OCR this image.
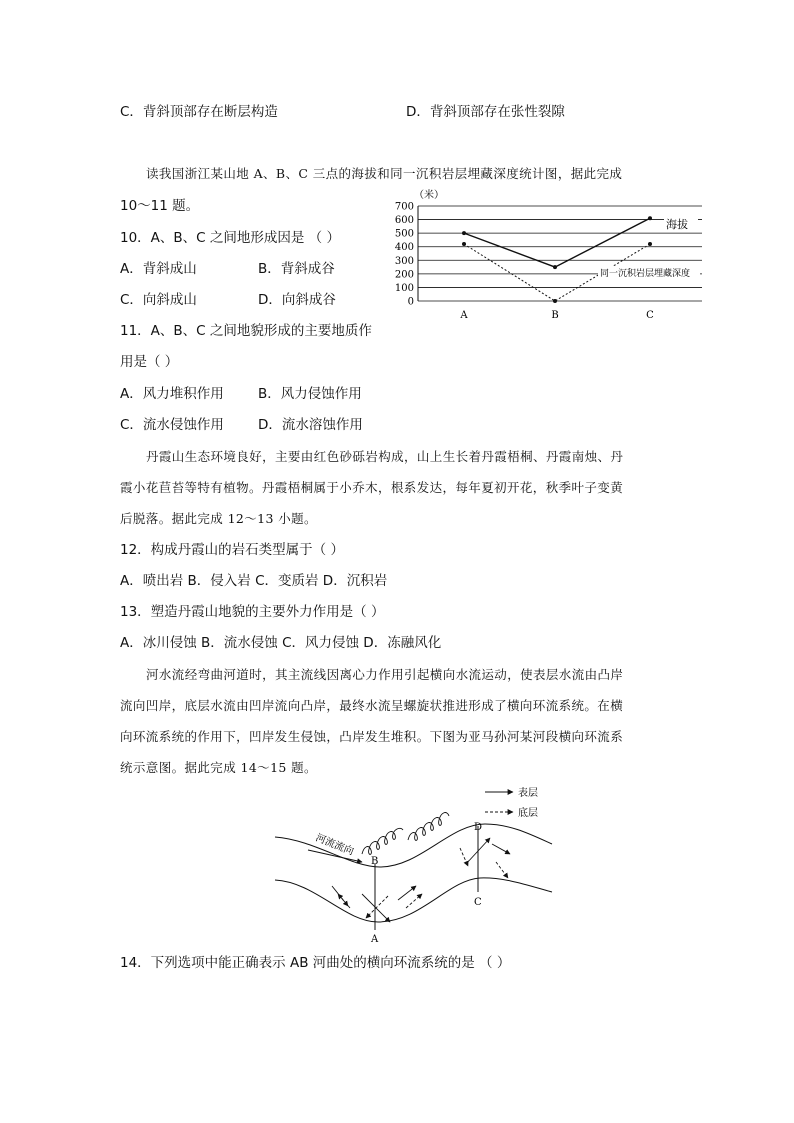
C．背斜顶部存在断层构造	D．背斜顶部存在张性裂隙
读我国浙江某山地 A、B、C 三点的海拔和同一沉积岩层埋藏深度统计图，据此完成
10～11 题。
10．A、B、C 之间地形成因是 （ ）
A．背斜成山	B．背斜成谷
C．向斜成山	D．向斜成谷
11．A、B、C 之间地貌形成的主要地质作
用是（ ）
A．风力堆积作用	B．风力侵蚀作用
C．流水侵蚀作用	D．流水溶蚀作用
（米）
0
100
200
300
400
500
600
700
A	B	C
海拔
同一沉积岩层埋藏深度
丹霞山生态环境良好，主要由红色砂砾岩构成，山上生长着丹霞梧桐、丹霞南烛、丹
霞小花苣苔等特有植物。丹霞梧桐属于小乔木，根系发达，每年夏初开花，秋季叶子变黄
后脱落。据此完成 12～13 小题。
12．构成丹霞山的岩石类型属于（ ）
A．喷出岩 B．侵入岩 C．变质岩 D．沉积岩
13．塑造丹霞山地貌的主要外力作用是（ ）
A．冰川侵蚀 B．流水侵蚀 C．风力侵蚀 D．冻融风化
河水流经弯曲河道时，其主流线因离心力作用引起横向水流运动，使表层水流由凸岸
流向凹岸，底层水流由凹岸流向凸岸，最终水流呈螺旋状推进形成了横向环流系统。在横
向环流系统的作用下，凹岸发生侵蚀，凸岸发生堆积。下图为亚马孙河某河段横向环流系
统示意图。据此完成 14～15 题。
表层
底层
河流流向
B
A
D
C
14．下列选项中能正确表示 AB 河曲处的横向环流系统的是 （ ）
